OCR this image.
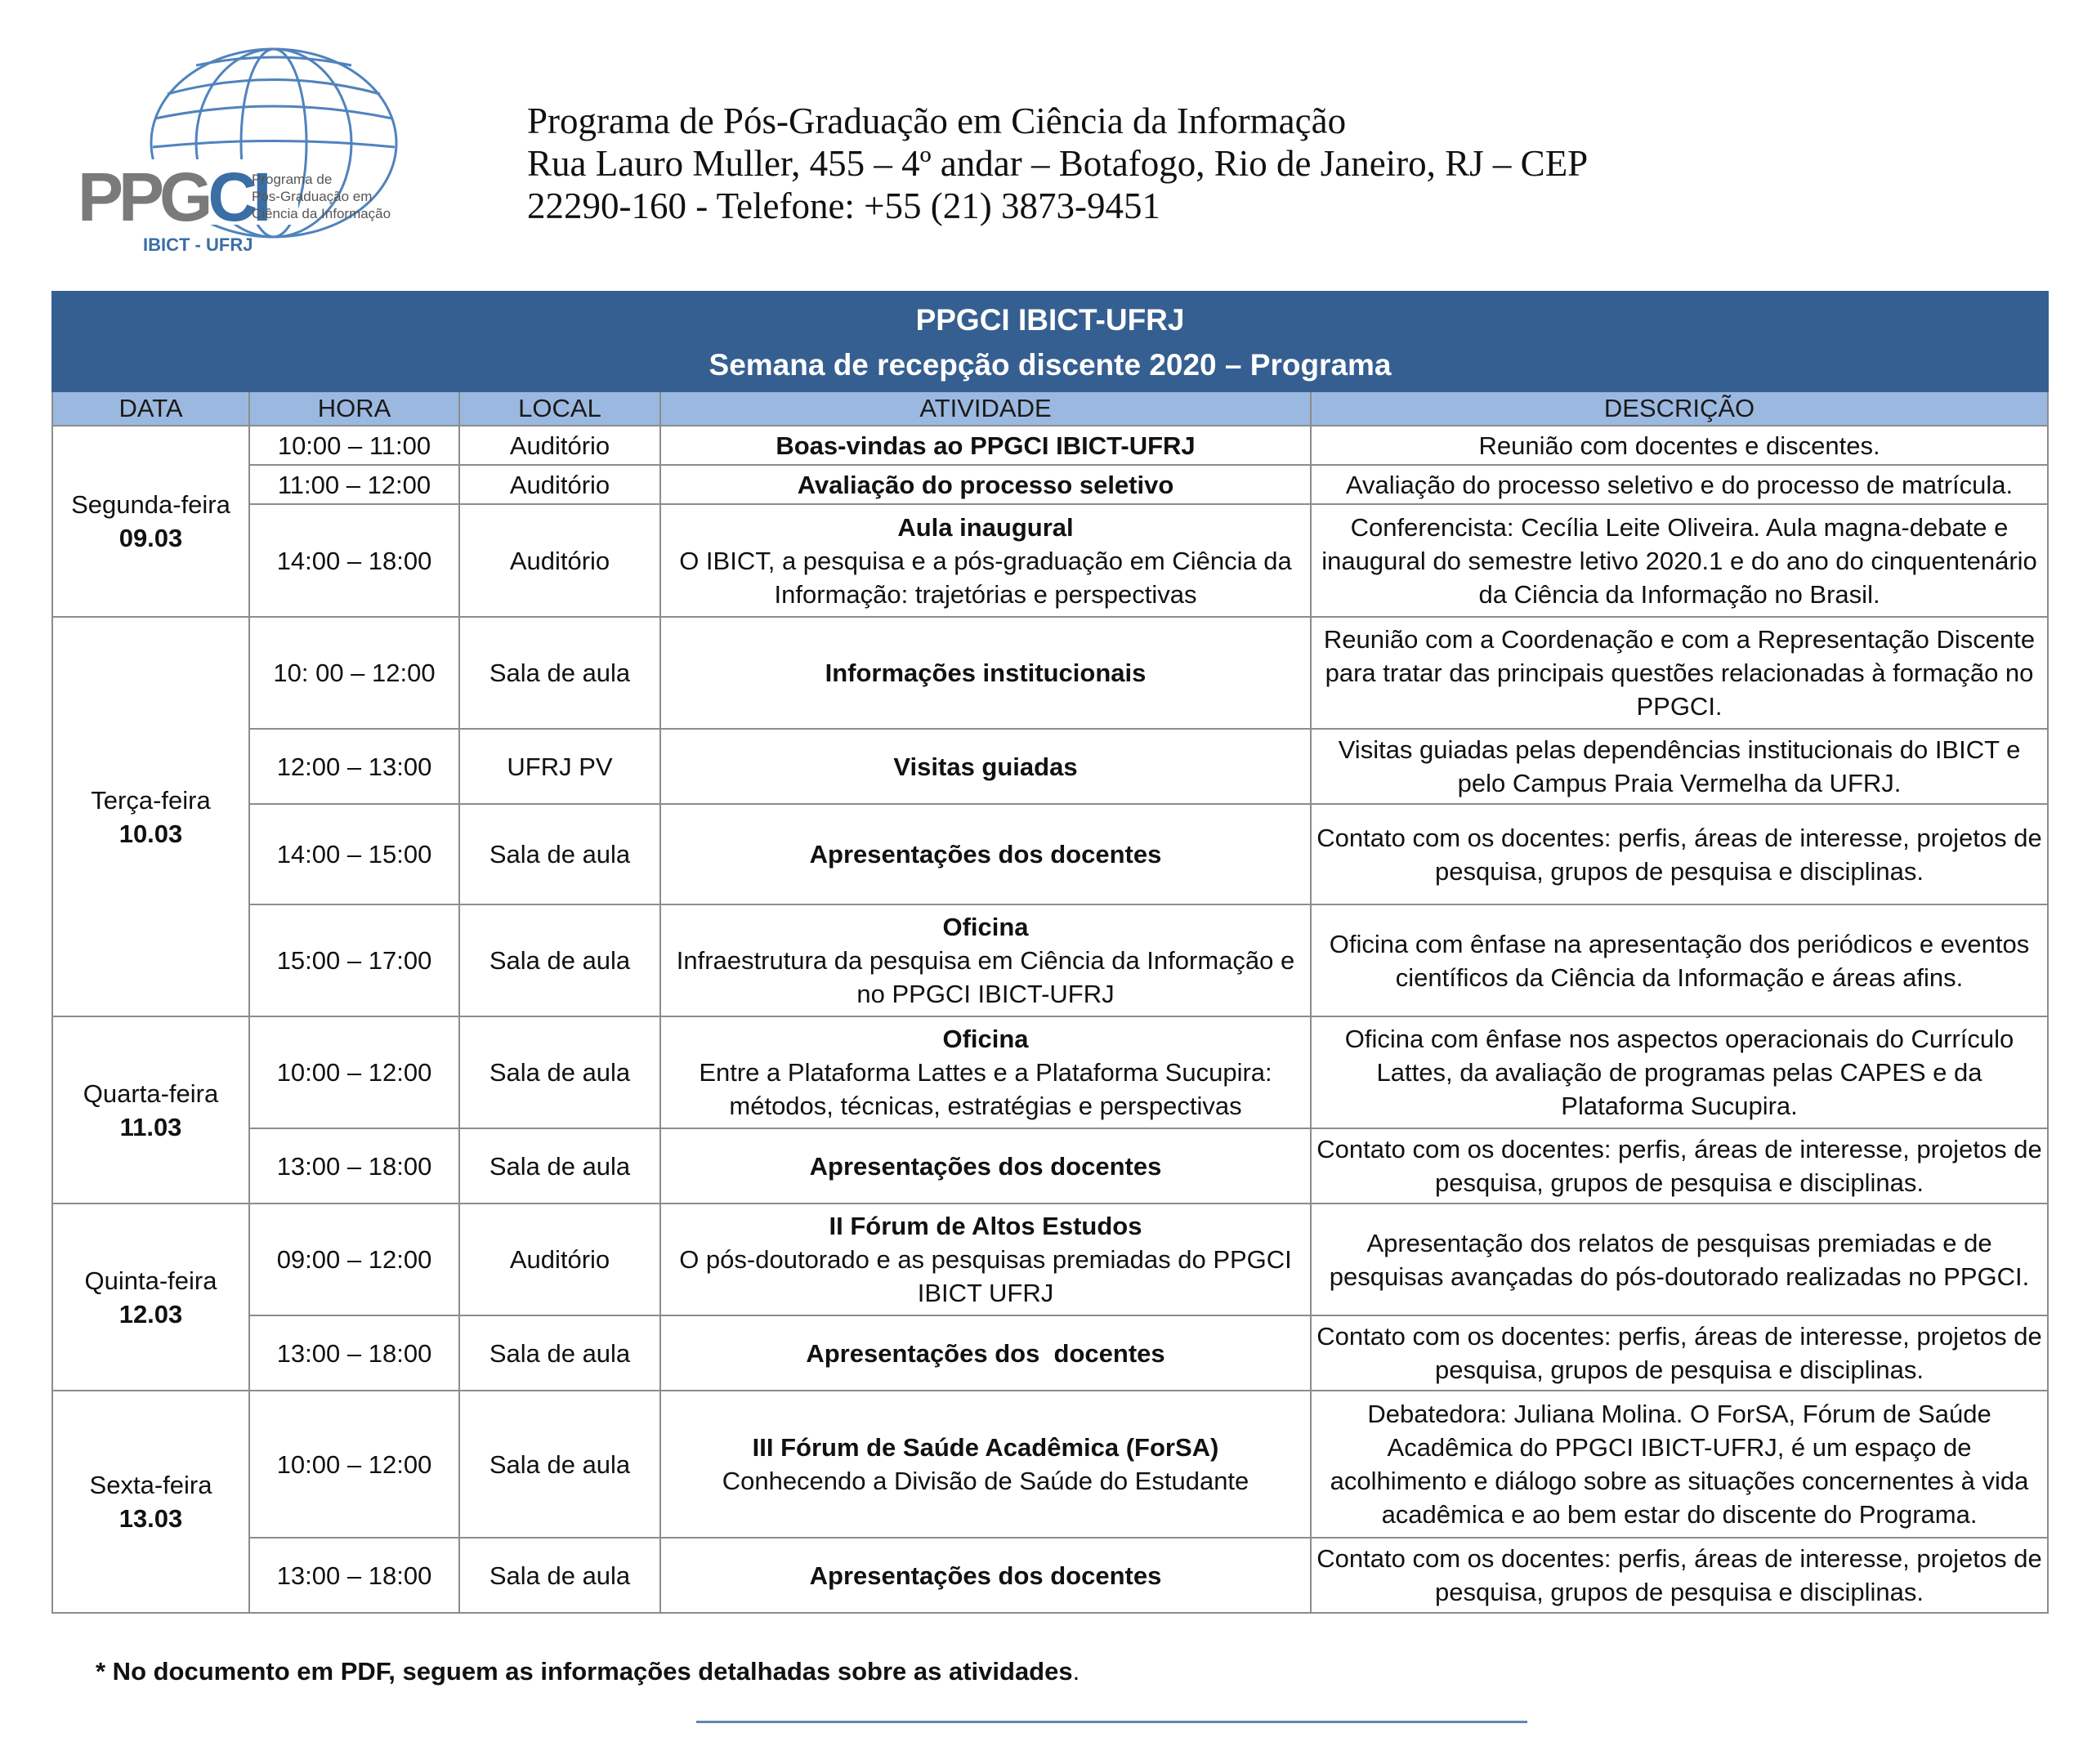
PPGCI
Programa de
Pós-Graduação em
Ciência da Informação
IBICT - UFRJ
Programa de Pós-Graduação em Ciência da Informação
Rua Lauro Muller, 455 – 4º andar – Botafogo, Rio de Janeiro, RJ – CEP
22290-160 - Telefone: +55 (21) 3873-9451
PPGCI IBICT-UFRJ
Semana de recepção discente 2020 – Programa				

DATA	HORA	LOCAL	ATIVIDADE	DESCRIÇÃO

Segunda-feira
09.03	10:00 – 11:00	Auditório	Boas-vindas ao PPGCI IBICT-UFRJ	Reunião com docentes e discentes.
	11:00 – 12:00	Auditório	Avaliação do processo seletivo	Avaliação do processo seletivo e do processo de matrícula.
	14:00 – 18:00	Auditório	Aula inaugural
O IBICT, a pesquisa e a pós-graduação em Ciência da Informação: trajetórias e perspectivas	Conferencista: Cecília Leite Oliveira. Aula magna-debate e inaugural do semestre letivo 2020.1 e do ano do cinquentenário da Ciência da Informação no Brasil.

Terça-feira
10.03	10: 00 – 12:00	Sala de aula	Informações institucionais	Reunião com a Coordenação e com a Representação Discente para tratar das principais questões relacionadas à formação no PPGCI.
	12:00 – 13:00	UFRJ PV	Visitas guiadas	Visitas guiadas pelas dependências institucionais do IBICT e pelo Campus Praia Vermelha da UFRJ.
	14:00 – 15:00	Sala de aula	Apresentações dos docentes	Contato com os docentes: perfis, áreas de interesse, projetos de pesquisa, grupos de pesquisa e disciplinas.
	15:00 – 17:00	Sala de aula	Oficina
Infraestrutura da pesquisa em Ciência da Informação e no PPGCI IBICT-UFRJ	Oficina com ênfase na apresentação dos periódicos e eventos científicos da Ciência da Informação e áreas afins.

Quarta-feira
11.03	10:00 – 12:00	Sala de aula	Oficina
Entre a Plataforma Lattes e a Plataforma Sucupira: métodos, técnicas, estratégias e perspectivas	Oficina com ênfase nos aspectos operacionais do Currículo Lattes, da avaliação de programas pelas CAPES e da Plataforma Sucupira.
	13:00 – 18:00	Sala de aula	Apresentações dos docentes	Contato com os docentes: perfis, áreas de interesse, projetos de pesquisa, grupos de pesquisa e disciplinas.

Quinta-feira
12.03	09:00 – 12:00	Auditório	II Fórum de Altos Estudos
O pós-doutorado e as pesquisas premiadas do PPGCI IBICT UFRJ	Apresentação dos relatos de pesquisas premiadas e de pesquisas avançadas do pós-doutorado realizadas no PPGCI.
	13:00 – 18:00	Sala de aula	Apresentações dos  docentes	Contato com os docentes: perfis, áreas de interesse, projetos de pesquisa, grupos de pesquisa e disciplinas.

Sexta-feira
13.03	10:00 – 12:00	Sala de aula	III Fórum de Saúde Acadêmica (ForSA)
Conhecendo a Divisão de Saúde do Estudante	Debatedora: Juliana Molina. O ForSA, Fórum de Saúde Acadêmica do PPGCI IBICT-UFRJ, é um espaço de acolhimento e diálogo sobre as situações concernentes à vida acadêmica e ao bem estar do discente do Programa.
	13:00 – 18:00	Sala de aula	Apresentações dos docentes	Contato com os docentes: perfis, áreas de interesse, projetos de pesquisa, grupos de pesquisa e disciplinas.
* No documento em PDF, seguem as informações detalhadas sobre as atividades.
